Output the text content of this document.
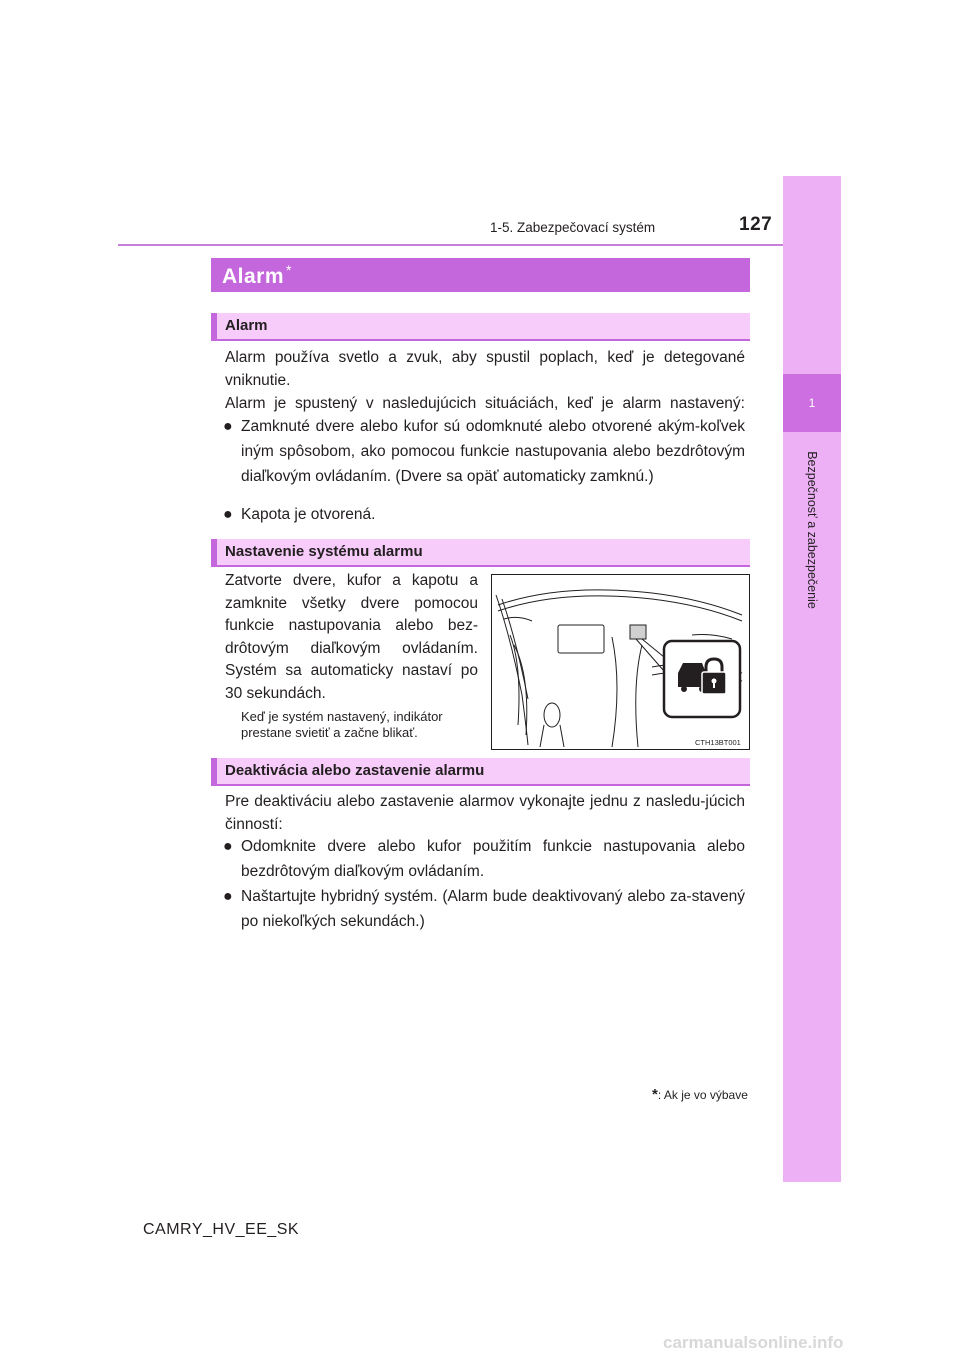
1-5. Zabezpečovací systém	127
1
Bezpečnosť a zabezpečenie
Alarm *
Alarm
Alarm používa svetlo a zvuk, aby spustil poplach, keď je detegované
vniknutie.
Alarm je spustený v nasledujúcich situáciách, keď je alarm nastavený:
● Zamknuté dvere alebo kufor sú odomknuté alebo otvorené akým-koľvek iným spôsobom, ako pomocou funkcie nastupovania alebo bezdrôtovým diaľkovým ovládaním. (Dvere sa opäť automaticky zamknú.)
● Kapota je otvorená.
Nastavenie systému alarmu
Zatvorte dvere, kufor a kapotu a zamknite všetky dvere pomocou funkcie nastupovania alebo bez-drôtovým diaľkovým ovládaním. Systém sa automaticky nastaví po 30 sekundách.
Keď je systém nastavený, indikátor prestane svietiť a začne blikať.
CTH13BT001
Deaktivácia alebo zastavenie alarmu
Pre deaktiváciu alebo zastavenie alarmov vykonajte jednu z nasledu-júcich činností:
● Odomknite dvere alebo kufor použitím funkcie nastupovania alebo bezdrôtovým diaľkovým ovládaním.
● Naštartujte hybridný systém. (Alarm bude deaktivovaný alebo za-stavený po niekoľkých sekundách.)
*: Ak je vo výbave
CAMRY_HV_EE_SK
carmanualsonline.info
